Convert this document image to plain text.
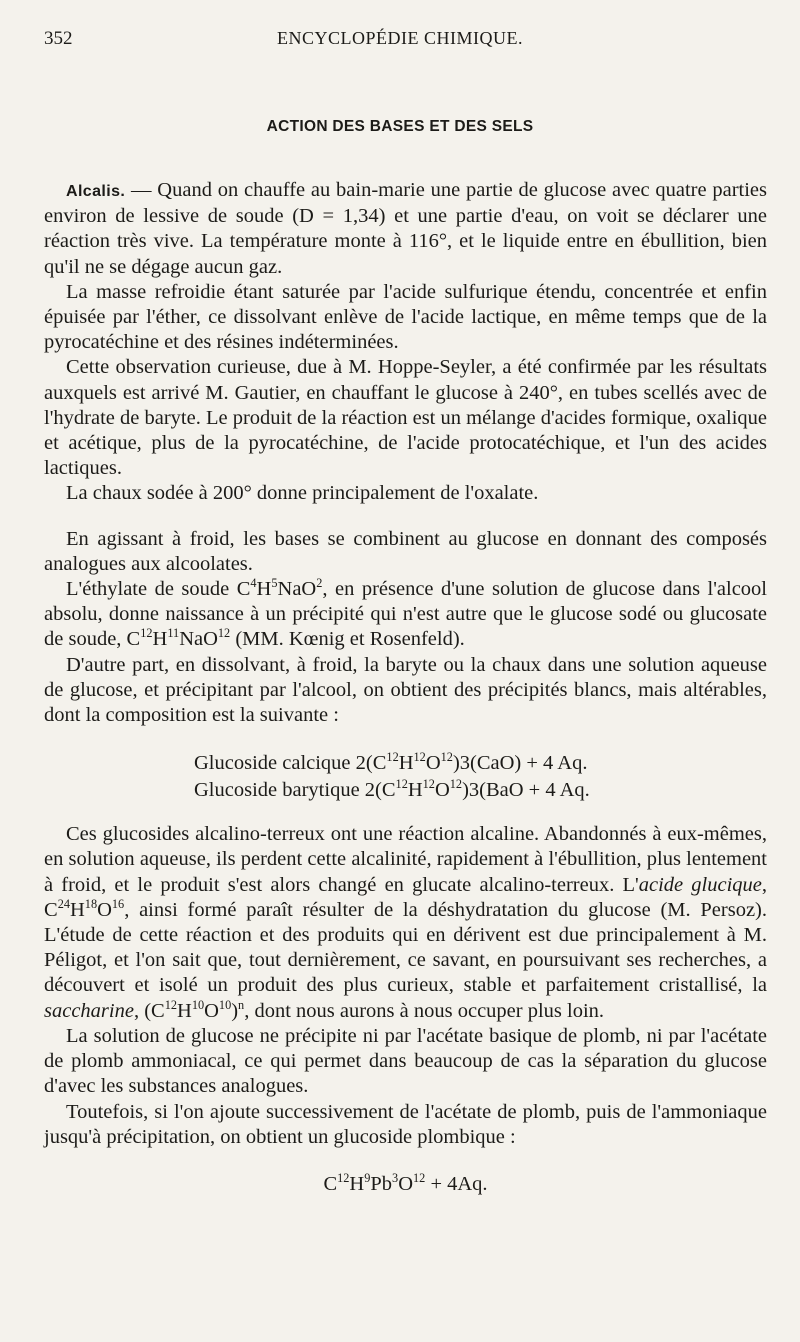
352	ENCYCLOPÉDIE CHIMIQUE.
ACTION DES BASES ET DES SELS

Alcalis. — Quand on chauffe au bain-marie une partie de glucose avec quatre parties environ de lessive de soude (D = 1,34) et une partie d'eau, on voit se déclarer une réaction très vive. La température monte à 116°, et le liquide entre en ébullition, bien qu'il ne se dégage aucun gaz.

La masse refroidie étant saturée par l'acide sulfurique étendu, concentrée et enfin épuisée par l'éther, ce dissolvant enlève de l'acide lactique, en même temps que de la pyrocatéchine et des résines indéterminées.

Cette observation curieuse, due à M. Hoppe-Seyler, a été confirmée par les résultats auxquels est arrivé M. Gautier, en chauffant le glucose à 240°, en tubes scellés avec de l'hydrate de baryte. Le produit de la réaction est un mélange d'acides formique, oxalique et acétique, plus de la pyrocatéchine, de l'acide protocatéchique, et l'un des acides lactiques.

La chaux sodée à 200° donne principalement de l'oxalate.

En agissant à froid, les bases se combinent au glucose en donnant des composés analogues aux alcoolates.

L'éthylate de soude $C^4H^5NaO^2$, en présence d'une solution de glucose dans l'alcool absolu, donne naissance à un précipité qui n'est autre que le glucose sodé ou glucosate de soude, $C^{12}H^{11}NaO^{12}$ (MM. Kœnig et Rosenfeld).

D'autre part, en dissolvant, à froid, la baryte ou la chaux dans une solution aqueuse de glucose, et précipitant par l'alcool, on obtient des précipités blancs, mais altérables, dont la composition est la suivante :

Glucoside calcique $2(C^{12}H^{12}O^{12})3(CaO) + 4$ Aq.
Glucoside barytique $2(C^{12}H^{12}O^{12})3(BaO + 4$ Aq.

Ces glucosides alcalino-terreux ont une réaction alcaline. Abandonnés à eux-mêmes, en solution aqueuse, ils perdent cette alcalinité, rapidement à l'ébullition, plus lentement à froid, et le produit s'est alors changé en glucate alcalino-terreux. L'acide glucique, $C^{24}H^{18}O^{16}$, ainsi formé paraît résulter de la déshydratation du glucose (M. Persoz). L'étude de cette réaction et des produits qui en dérivent est due principalement à M. Péligot, et l'on sait que, tout dernièrement, ce savant, en poursuivant ses recherches, a découvert et isolé un produit des plus curieux, stable et parfaitement cristallisé, la saccharine, $(C^{12}H^{10}O^{10})^n$, dont nous aurons à nous occuper plus loin.

La solution de glucose ne précipite ni par l'acétate basique de plomb, ni par l'acétate de plomb ammoniacal, ce qui permet dans beaucoup de cas la séparation du glucose d'avec les substances analogues.

Toutefois, si l'on ajoute successivement de l'acétate de plomb, puis de l'ammoniaque jusqu'à précipitation, on obtient un glucoside plombique :

$C^{12}H^9Pb^3O^{12} + 4Aq$.
